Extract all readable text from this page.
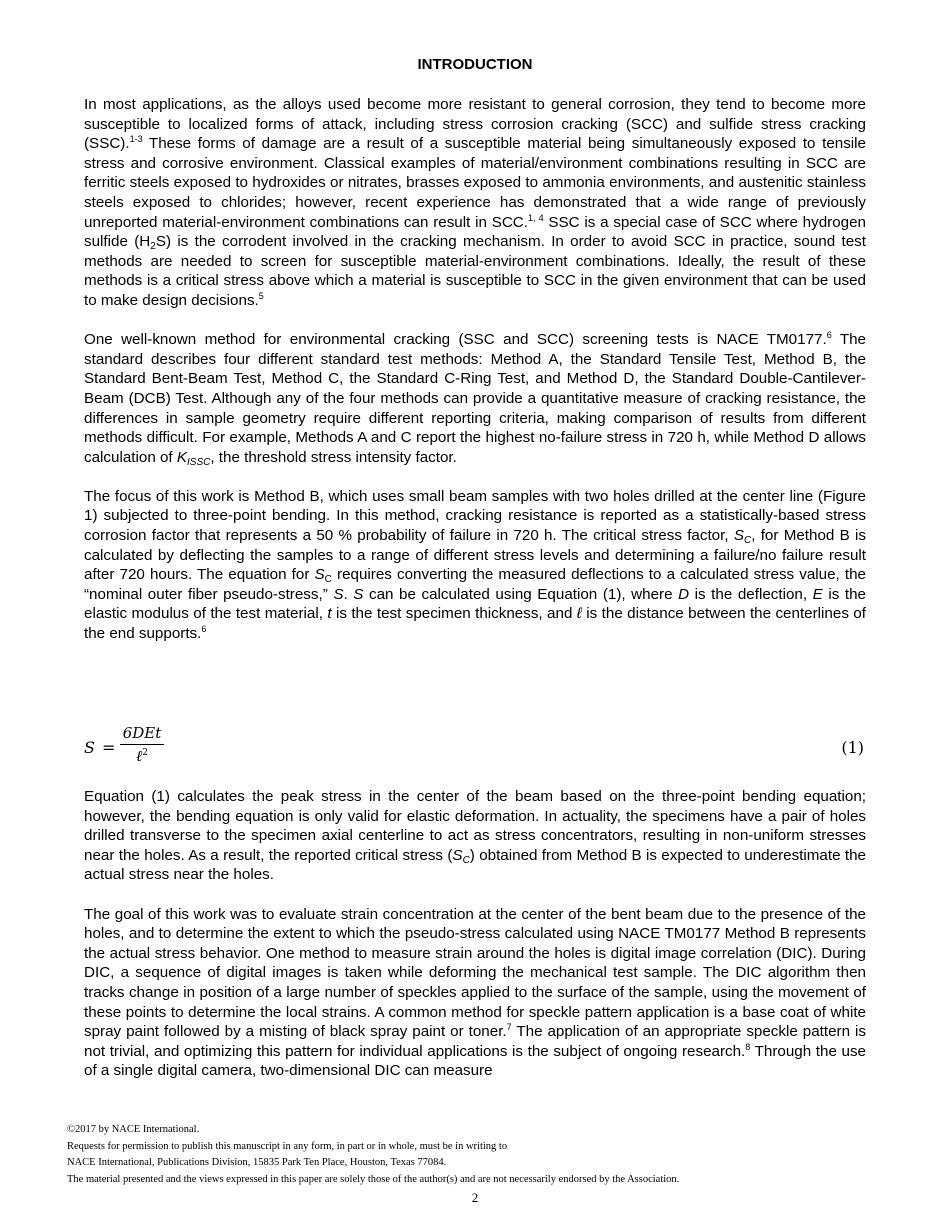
INTRODUCTION

In most applications, as the alloys used become more resistant to general corrosion, they tend to become more susceptible to localized forms of attack, including stress corrosion cracking (SCC) and sulfide stress cracking (SSC).$^{1-3}$ These forms of damage are a result of a susceptible material being simultaneously exposed to tensile stress and corrosive environment. Classical examples of material/environment combinations resulting in SCC are ferritic steels exposed to hydroxides or nitrates, brasses exposed to ammonia environments, and austenitic stainless steels exposed to chlorides; however, recent experience has demonstrated that a wide range of previously unreported material-environment combinations can result in SCC.$^{1, 4}$ SSC is a special case of SCC where hydrogen sulfide $(H_2S)$ is the corrodent involved in the cracking mechanism. In order to avoid SCC in practice, sound test methods are needed to screen for susceptible material-environment combinations. Ideally, the result of these methods is a critical stress above which a material is susceptible to SCC in the given environment that can be used to make design decisions.$^5$

One well-known method for environmental cracking (SSC and SCC) screening tests is NACE TM0177.$^6$ The standard describes four different standard test methods: Method A, the Standard Tensile Test, Method B, the Standard Bent-Beam Test, Method C, the Standard C-Ring Test, and Method D, the Standard Double-Cantilever-Beam (DCB) Test. Although any of the four methods can provide a quantitative measure of cracking resistance, the differences in sample geometry require different reporting criteria, making comparison of results from different methods difficult. For example, Methods A and C report the highest no-failure stress in 720 h, while Method D allows calculation of $K_{ISSC}$, the threshold stress intensity factor.

The focus of this work is Method B, which uses small beam samples with two holes drilled at the center line (Figure 1) subjected to three-point bending. In this method, cracking resistance is reported as a statistically-based stress corrosion factor that represents a 50 % probability of failure in 720 h. The critical stress factor, $S_C$, for Method B is calculated by deflecting the samples to a range of different stress levels and determining a failure/no failure result after 720 hours. The equation for $S_C$ requires converting the measured deflections to a calculated stress value, the “nominal outer fiber pseudo-stress,” S. S can be calculated using Equation (1), where D is the deflection, E is the elastic modulus of the test material, t is the test specimen thickness, and ℓ is the distance between the centerlines of the end supports.$^6$

S =
6DEt
ℓ$^2$	(1)

Equation (1) calculates the peak stress in the center of the beam based on the three-point bending equation; however, the bending equation is only valid for elastic deformation. In actuality, the specimens have a pair of holes drilled transverse to the specimen axial centerline to act as stress concentrators, resulting in non-uniform stresses near the holes. As a result, the reported critical stress $(S_C)$ obtained from Method B is expected to underestimate the actual stress near the holes.

The goal of this work was to evaluate strain concentration at the center of the bent beam due to the presence of the holes, and to determine the extent to which the pseudo-stress calculated using NACE TM0177 Method B represents the actual stress behavior. One method to measure strain around the holes is digital image correlation (DIC). During DIC, a sequence of digital images is taken while deforming the mechanical test sample. The DIC algorithm then tracks change in position of a large number of speckles applied to the surface of the sample, using the movement of these points to determine the local strains. A common method for speckle pattern application is a base coat of white spray paint followed by a misting of black spray paint or toner.$^7$ The application of an appropriate speckle pattern is not trivial, and optimizing this pattern for individual applications is the subject of ongoing research.$^8$ Through the use of a single digital camera, two-dimensional DIC can measure

©2017 by NACE International.
Requests for permission to publish this manuscript in any form, in part or in whole, must be in writing to
NACE International, Publications Division, 15835 Park Ten Place, Houston, Texas 77084.
The material presented and the views expressed in this paper are solely those of the author(s) and are not necessarily endorsed by the Association.
2
